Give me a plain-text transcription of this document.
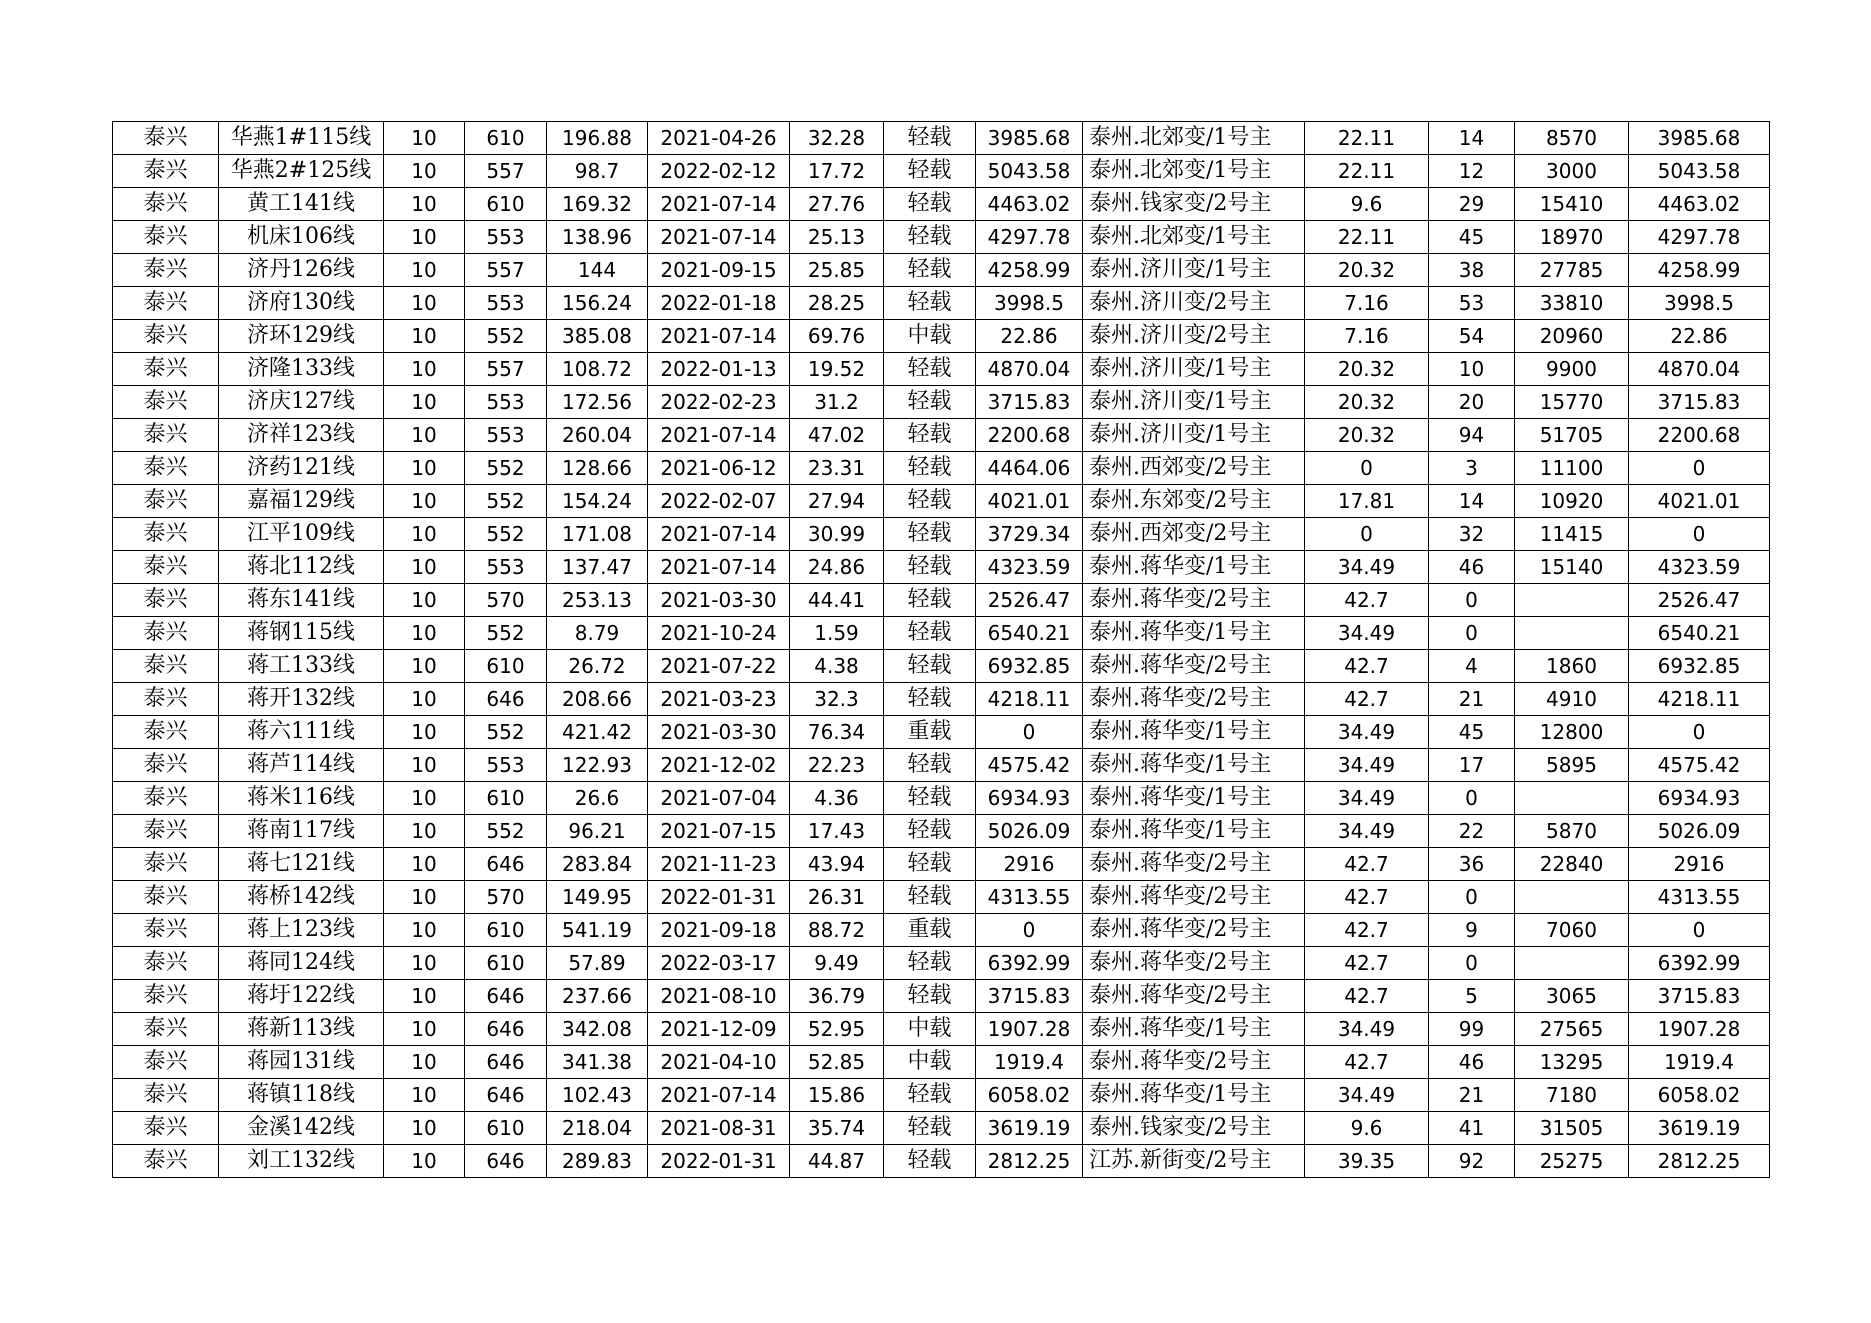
泰兴	华燕1#115线	10	610	196.88	2021-04-26	32.28	轻载	3985.68	泰州.北郊变/1号主	22.11	14	8570	3985.68
泰兴	华燕2#125线	10	557	98.7	2022-02-12	17.72	轻载	5043.58	泰州.北郊变/1号主	22.11	12	3000	5043.58
泰兴	黄工141线	10	610	169.32	2021-07-14	27.76	轻载	4463.02	泰州.钱家变/2号主	9.6	29	15410	4463.02
泰兴	机床106线	10	553	138.96	2021-07-14	25.13	轻载	4297.78	泰州.北郊变/1号主	22.11	45	18970	4297.78
泰兴	济丹126线	10	557	144	2021-09-15	25.85	轻载	4258.99	泰州.济川变/1号主	20.32	38	27785	4258.99
泰兴	济府130线	10	553	156.24	2022-01-18	28.25	轻载	3998.5	泰州.济川变/2号主	7.16	53	33810	3998.5
泰兴	济环129线	10	552	385.08	2021-07-14	69.76	中载	22.86	泰州.济川变/2号主	7.16	54	20960	22.86
泰兴	济隆133线	10	557	108.72	2022-01-13	19.52	轻载	4870.04	泰州.济川变/1号主	20.32	10	9900	4870.04
泰兴	济庆127线	10	553	172.56	2022-02-23	31.2	轻载	3715.83	泰州.济川变/1号主	20.32	20	15770	3715.83
泰兴	济祥123线	10	553	260.04	2021-07-14	47.02	轻载	2200.68	泰州.济川变/1号主	20.32	94	51705	2200.68
泰兴	济药121线	10	552	128.66	2021-06-12	23.31	轻载	4464.06	泰州.西郊变/2号主	0	3	11100	0
泰兴	嘉福129线	10	552	154.24	2022-02-07	27.94	轻载	4021.01	泰州.东郊变/2号主	17.81	14	10920	4021.01
泰兴	江平109线	10	552	171.08	2021-07-14	30.99	轻载	3729.34	泰州.西郊变/2号主	0	32	11415	0
泰兴	蒋北112线	10	553	137.47	2021-07-14	24.86	轻载	4323.59	泰州.蒋华变/1号主	34.49	46	15140	4323.59
泰兴	蒋东141线	10	570	253.13	2021-03-30	44.41	轻载	2526.47	泰州.蒋华变/2号主	42.7	0		2526.47
泰兴	蒋钢115线	10	552	8.79	2021-10-24	1.59	轻载	6540.21	泰州.蒋华变/1号主	34.49	0		6540.21
泰兴	蒋工133线	10	610	26.72	2021-07-22	4.38	轻载	6932.85	泰州.蒋华变/2号主	42.7	4	1860	6932.85
泰兴	蒋开132线	10	646	208.66	2021-03-23	32.3	轻载	4218.11	泰州.蒋华变/2号主	42.7	21	4910	4218.11
泰兴	蒋六111线	10	552	421.42	2021-03-30	76.34	重载	0	泰州.蒋华变/1号主	34.49	45	12800	0
泰兴	蒋芦114线	10	553	122.93	2021-12-02	22.23	轻载	4575.42	泰州.蒋华变/1号主	34.49	17	5895	4575.42
泰兴	蒋米116线	10	610	26.6	2021-07-04	4.36	轻载	6934.93	泰州.蒋华变/1号主	34.49	0		6934.93
泰兴	蒋南117线	10	552	96.21	2021-07-15	17.43	轻载	5026.09	泰州.蒋华变/1号主	34.49	22	5870	5026.09
泰兴	蒋七121线	10	646	283.84	2021-11-23	43.94	轻载	2916	泰州.蒋华变/2号主	42.7	36	22840	2916
泰兴	蒋桥142线	10	570	149.95	2022-01-31	26.31	轻载	4313.55	泰州.蒋华变/2号主	42.7	0		4313.55
泰兴	蒋上123线	10	610	541.19	2021-09-18	88.72	重载	0	泰州.蒋华变/2号主	42.7	9	7060	0
泰兴	蒋同124线	10	610	57.89	2022-03-17	9.49	轻载	6392.99	泰州.蒋华变/2号主	42.7	0		6392.99
泰兴	蒋圩122线	10	646	237.66	2021-08-10	36.79	轻载	3715.83	泰州.蒋华变/2号主	42.7	5	3065	3715.83
泰兴	蒋新113线	10	646	342.08	2021-12-09	52.95	中载	1907.28	泰州.蒋华变/1号主	34.49	99	27565	1907.28
泰兴	蒋园131线	10	646	341.38	2021-04-10	52.85	中载	1919.4	泰州.蒋华变/2号主	42.7	46	13295	1919.4
泰兴	蒋镇118线	10	646	102.43	2021-07-14	15.86	轻载	6058.02	泰州.蒋华变/1号主	34.49	21	7180	6058.02
泰兴	金溪142线	10	610	218.04	2021-08-31	35.74	轻载	3619.19	泰州.钱家变/2号主	9.6	41	31505	3619.19
泰兴	刘工132线	10	646	289.83	2022-01-31	44.87	轻载	2812.25	江苏.新街变/2号主	39.35	92	25275	2812.25
